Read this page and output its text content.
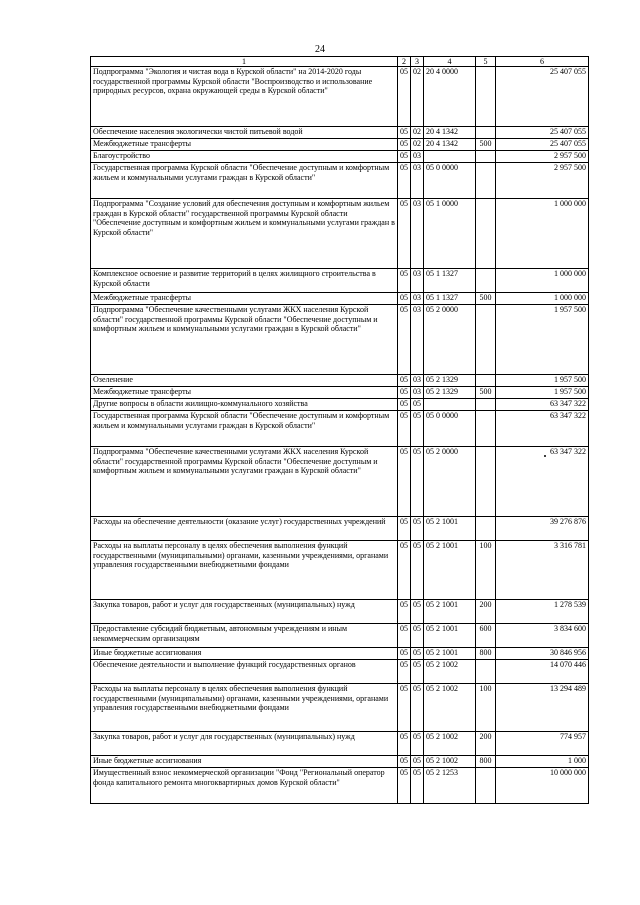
24
1	2	3	4	5	6
Подпрограмма "Экология и чистая вода в Курской области" на 2014-2020 годы государственной программы Курской области "Воспроизводство и использование природных ресурсов, охрана окружающей среды в Курской области"	05	02	20 4 0000		25 407 055
Обеспечение населения экологически чистой питьевой водой	05	02	20 4 1342		25 407 055
Межбюджетные трансферты	05	02	20 4 1342	500	25 407 055
Благоустройство	05	03			2 957 500
Государственная программа Курской области "Обеспечение доступным и комфортным жильем и коммунальными услугами граждан в Курской области"	05	03	05 0 0000		2 957 500
Подпрограмма "Создание условий для обеспечения доступным и комфортным жильем граждан в Курской области" государственной программы Курской области "Обеспечение доступным и комфортным жильем и коммунальными услугами граждан в Курской области"	05	03	05 1 0000		1 000 000
Комплексное освоение и развитие территорий в целях жилищного строительства в Курской области	05	03	05 1 1327		1 000 000
Межбюджетные трансферты	05	03	05 1 1327	500	1 000 000
Подпрограмма "Обеспечение качественными услугами ЖКХ населения Курской области" государственной программы Курской области "Обеспечение доступным и комфортным жильем и коммунальными услугами граждан в Курской области"	05	03	05 2 0000		1 957 500
Озеленение	05	03	05 2 1329		1 957 500
Межбюджетные трансферты	05	03	05 2 1329	500	1 957 500
Другие вопросы в области жилищно-коммунального хозяйства	05	05			63 347 322
Государственная программа Курской области "Обеспечение доступным и комфортным жильем и коммунальными услугами граждан в Курской области"	05	05	05 0 0000		63 347 322
Подпрограмма "Обеспечение качественными услугами ЖКХ населения Курской области" государственной программы Курской области "Обеспечение доступным и комфортным жильем и коммунальными услугами граждан в Курской области"	05	05	05 2 0000		63 347 322
Расходы на обеспечение деятельности (оказание услуг) государственных учреждений	05	05	05 2 1001		39 276 876
Расходы на выплаты персоналу в целях обеспечения выполнения функций государственными (муниципальными) органами, казенными учреждениями, органами управления государственными внебюджетными фондами	05	05	05 2 1001	100	3 316 781
Закупка товаров, работ и услуг для государственных (муниципальных) нужд	05	05	05 2 1001	200	1 278 539
Предоставление субсидий бюджетным, автономным учреждениям и иным некоммерческим организациям	05	05	05 2 1001	600	3 834 600
Иные бюджетные ассигнования	05	05	05 2 1001	800	30 846 956
Обеспечение деятельности и выполнение функций государственных органов	05	05	05 2 1002		14 070 446
Расходы на выплаты персоналу в целях обеспечения выполнения функций государственными (муниципальными) органами, казенными учреждениями, органами управления государственными внебюджетными фондами	05	05	05 2 1002	100	13 294 489
Закупка товаров, работ и услуг для государственных (муниципальных) нужд	05	05	05 2 1002	200	774 957
Иные бюджетные ассигнования	05	05	05 2 1002	800	1 000
Имущественный взнос некоммерческой организации "Фонд "Региональный оператор фонда капитального ремонта многоквартирных домов Курской области"	05	05	05 2 1253		10 000 000
